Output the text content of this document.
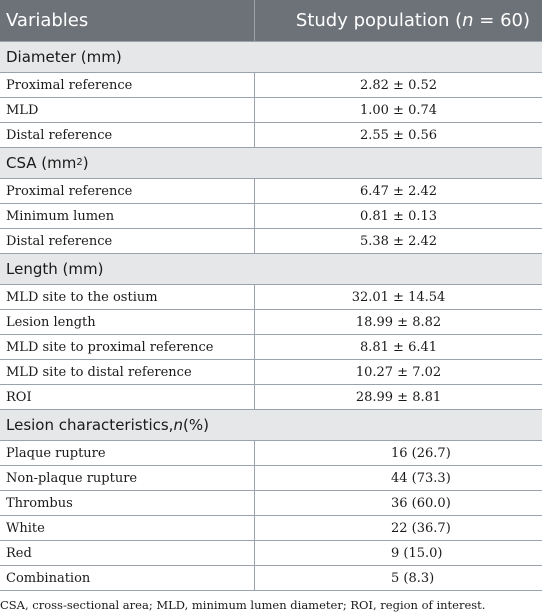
Variables	Study population (n = 60)
Diameter (mm)
Proximal reference	2.82 ± 0.52
MLD	1.00 ± 0.74
Distal reference	2.55 ± 0.56
CSA (mm 2 )
Proximal reference	6.47 ± 2.42
Minimum lumen	0.81 ± 0.13
Distal reference	5.38 ± 2.42
Length (mm)
MLD site to the ostium	32.01 ± 14.54
Lesion length	18.99 ± 8.82
MLD site to proximal reference	8.81 ± 6.41
MLD site to distal reference	10.27 ± 7.02
ROI	28.99 ± 8.81
Lesion characteristics, n (%)
Plaque rupture	16 (26.7)
Non-plaque rupture	44 (73.3)
Thrombus	36 (60.0)
White	22 (36.7)
Red	9 (15.0)
Combination	5 (8.3)
CSA, cross-sectional area; MLD, minimum lumen diameter; ROI, region of interest.
